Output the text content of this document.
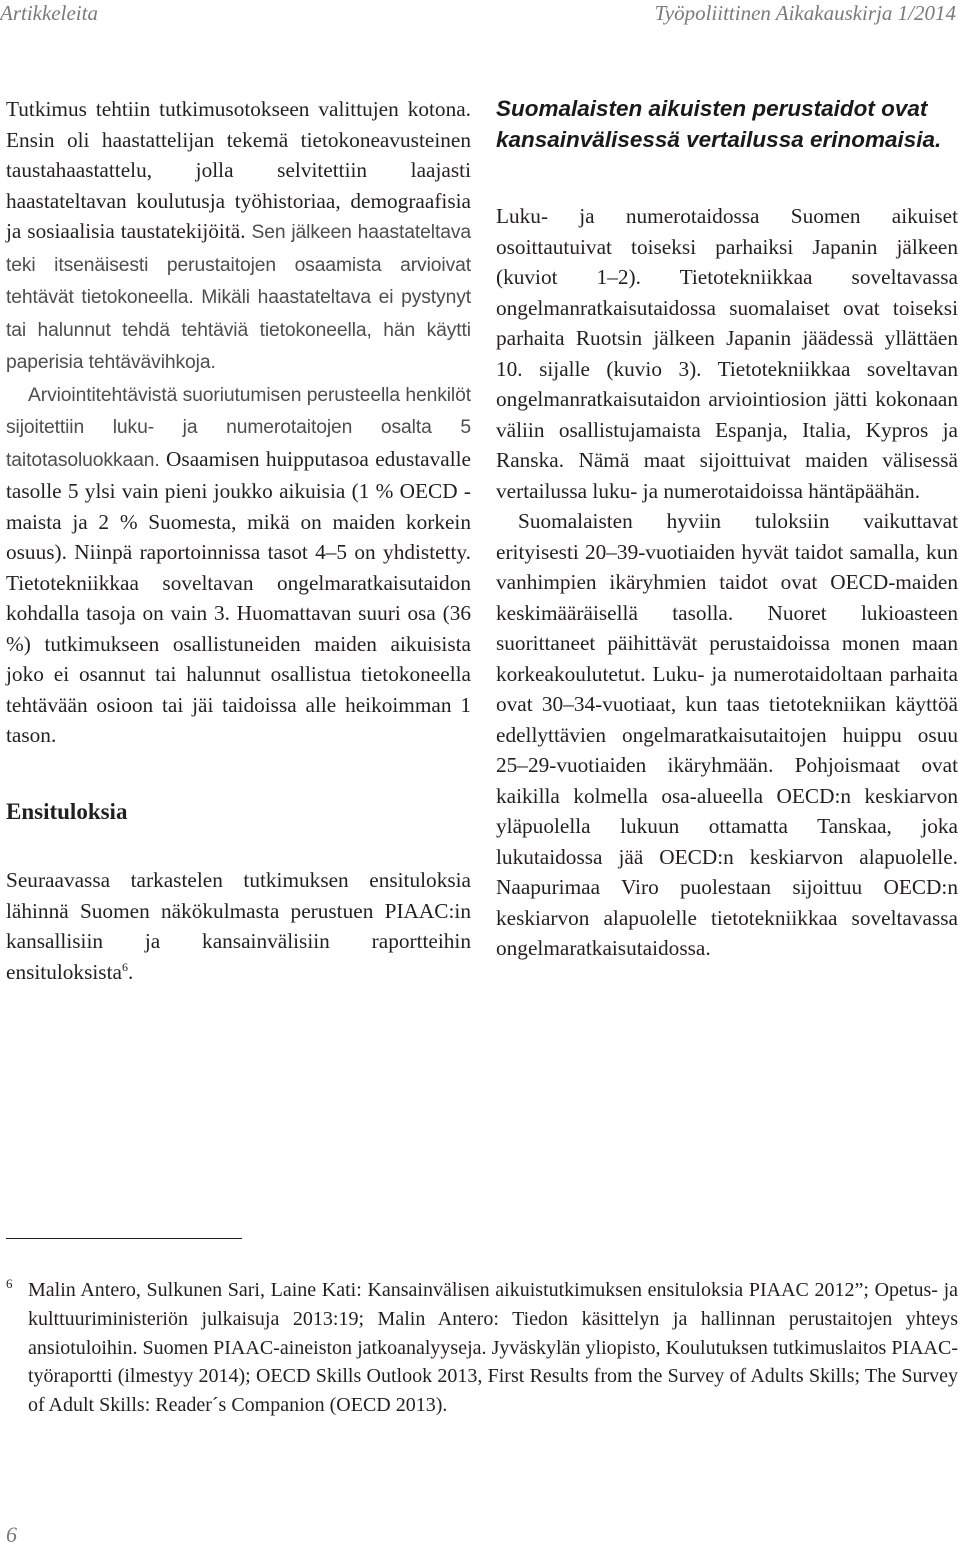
Artikkeleita	Työpoliittinen Aikakauskirja 1/2014

Tutkimus tehtiin tutkimusotokseen valittujen kotona. Ensin oli haastattelijan tekemä tietokoneavusteinen taustahaastattelu, jolla selvitettiin laajasti haastateltavan koulutusja työhistoriaa, demograafisia ja sosiaalisia taustatekijöitä. Sen jälkeen haastateltava teki itsenäisesti perustaitojen osaamista arvioivat tehtävät tietokoneella. Mikäli haastateltava ei pystynyt tai halunnut tehdä tehtäviä tietokoneella, hän käytti paperisia tehtävävihkoja.

Arviointitehtävistä suoriutumisen perusteella henkilöt sijoitettiin luku- ja numerotaitojen osalta 5 taitotasoluokkaan. Osaamisen huipputasoa edustavalle tasolle 5 ylsi vain pieni joukko aikuisia (1 % OECD -maista ja 2 % Suomesta, mikä on maiden korkein osuus). Niinpä raportoinnissa tasot 4–5 on yhdistetty. Tietotekniikkaa soveltavan ongelmaratkaisutaidon kohdalla tasoja on vain 3. Huomattavan suuri osa (36 %) tutkimukseen osallistuneiden maiden aikuisista joko ei osannut tai halunnut osallistua tietokoneella tehtävään osioon tai jäi taidoissa alle heikoimman 1 tason.

Ensituloksia

Seuraavassa tarkastelen tutkimuksen ensituloksia lähinnä Suomen näkökulmasta perustuen PIAAC:in kansallisiin ja kansainvälisiin raportteihin ensituloksista$^6$.

Suomalaisten aikuisten perustaidot ovat kansainvälisessä vertailussa erinomaisia.

Luku- ja numerotaidossa Suomen aikuiset osoittautuivat toiseksi parhaiksi Japanin jälkeen (kuviot 1–2). Tietotekniikkaa soveltavassa ongelmanratkaisutaidossa suomalaiset ovat toiseksi parhaita Ruotsin jälkeen Japanin jäädessä yllättäen 10. sijalle (kuvio 3). Tietotekniikkaa soveltavan ongelmanratkaisutaidon arviointiosion jätti kokonaan väliin osallistujamaista Espanja, Italia, Kypros ja Ranska. Nämä maat sijoittuivat maiden välisessä vertailussa luku- ja numerotaidoissa häntäpäähän.

Suomalaisten hyviin tuloksiin vaikuttavat erityisesti 20–39-vuotiaiden hyvät taidot samalla, kun vanhimpien ikäryhmien taidot ovat OECD-maiden keskimääräisellä tasolla. Nuoret lukioasteen suorittaneet päihittävät perustaidoissa monen maan korkeakoulutetut. Luku- ja numerotaidoltaan parhaita ovat 30–34-vuotiaat, kun taas tietotekniikan käyttöä edellyttävien ongelmaratkaisutaitojen huippu osuu 25–29-vuotiaiden ikäryhmään. Pohjoismaat ovat kaikilla kolmella osa-alueella OECD:n keskiarvon yläpuolella lukuun ottamatta Tanskaa, joka lukutaidossa jää OECD:n keskiarvon alapuolelle. Naapurimaa Viro puolestaan sijoittuu OECD:n keskiarvon alapuolelle tietotekniikkaa soveltavassa ongelmaratkaisutaidossa.

6 Malin Antero, Sulkunen Sari, Laine Kati: Kansainvälisen aikuistutkimuksen ensituloksia PIAAC 2012”; Opetus- ja kulttuuriministeriön julkaisuja 2013:19; Malin Antero: Tiedon käsittelyn ja hallinnan perustaitojen yhteys ansiotuloihin. Suomen PIAAC-aineiston jatkoanalyyseja. Jyväskylän yliopisto, Koulutuksen tutkimuslaitos PIAAC-työraportti (ilmestyy 2014); OECD Skills Outlook 2013, First Results from the Survey of Adults Skills; The Survey of Adult Skills: Reader´s Companion (OECD 2013).
6
